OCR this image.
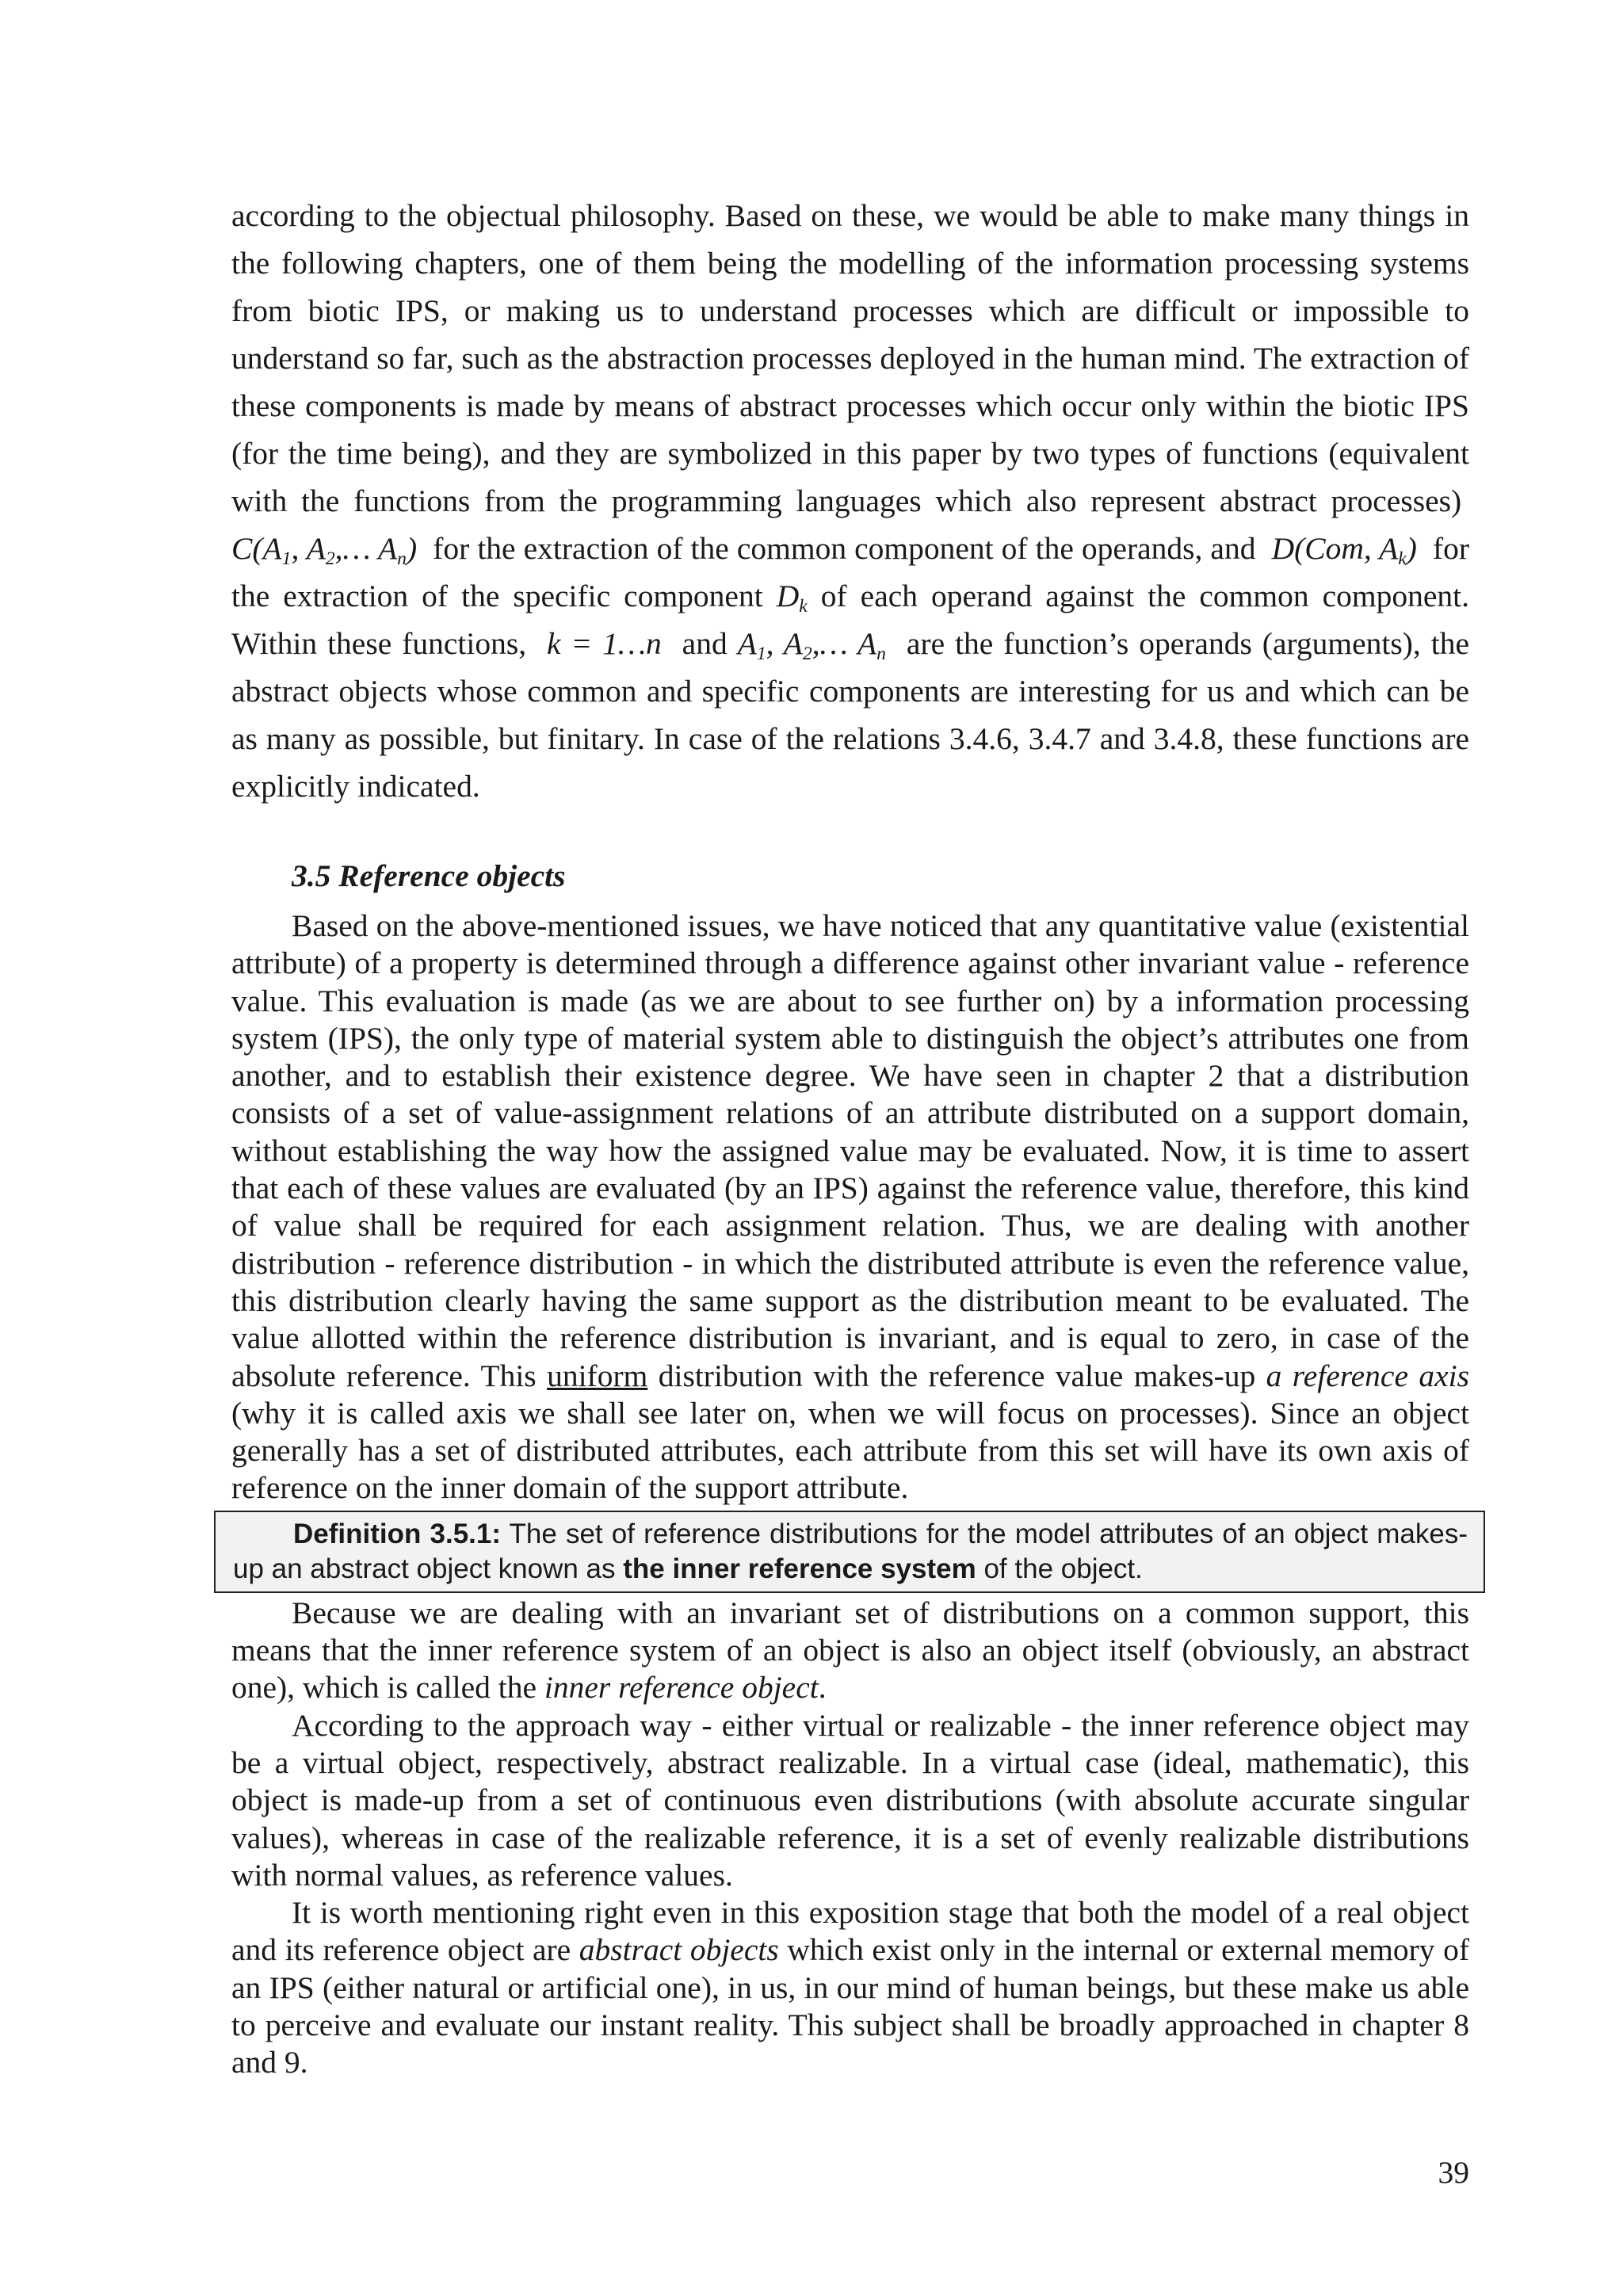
according to the objectual philosophy. Based on these, we would be able to make many things in the following chapters, one of them being the modelling of the information processing systems from biotic IPS, or making us to understand processes which are difficult or impossible to understand so far, such as the abstraction processes deployed in the human mind. The extraction of these components is made by means of abstract processes which occur only within the biotic IPS (for the time being), and they are symbolized in this paper by two types of functions (equivalent with the functions from the programming languages which also represent abstract processes)  $C(A_1$, $A_2,\dots$ $A_n$) for the extraction of the common component of the operands, and D(Com, $A_k$) for the extraction of the specific component $D_k$ of each operand against the common component. Within these functions, k = 1…n and $A_1$, $A_2,\dots$ $A_n$ are the function’s operands (arguments), the abstract objects whose common and specific components are interesting for us and which can be as many as possible, but finitary. In case of the relations 3.4.6, 3.4.7 and 3.4.8, these functions are explicitly indicated.

3.5 Reference objects

Based on the above-mentioned issues, we have noticed that any quantitative value (existential attribute) of a property is determined through a difference against other invariant value - reference value. This evaluation is made (as we are about to see further on) by a information processing system (IPS), the only type of material system able to distinguish the object’s attributes one from another, and to establish their existence degree. We have seen in chapter 2 that a distribution consists of a set of value-assignment relations of an attribute distributed on a support domain, without establishing the way how the assigned value may be evaluated. Now, it is time to assert that each of these values are evaluated (by an IPS) against the reference value, therefore, this kind of value shall be required for each assignment relation. Thus, we are dealing with another distribution - reference distribution - in which the distributed attribute is even the reference value, this distribution clearly having the same support as the distribution meant to be evaluated. The value allotted within the reference distribution is invariant, and is equal to zero, in case of the absolute reference. This uniform distribution with the reference value makes-up a reference axis (why it is called axis we shall see later on, when we will focus on processes). Since an object generally has a set of distributed attributes, each attribute from this set will have its own axis of reference on the inner domain of the support attribute.

Definition 3.5.1: The set of reference distributions for the model attributes of an object makes-up an abstract object known as the inner reference system of the object.

Because we are dealing with an invariant set of distributions on a common support, this means that the inner reference system of an object is also an object itself (obviously, an abstract one), which is called the inner reference object.

According to the approach way - either virtual or realizable - the inner reference object may be a virtual object, respectively, abstract realizable. In a virtual case (ideal, mathematic), this object is made-up from a set of continuous even distributions (with absolute accurate singular values), whereas in case of the realizable reference, it is a set of evenly realizable distributions with normal values, as reference values.

It is worth mentioning right even in this exposition stage that both the model of a real object and its reference object are abstract objects which exist only in the internal or external memory of an IPS (either natural or artificial one), in us, in our mind of human beings, but these make us able to perceive and evaluate our instant reality. This subject shall be broadly approached in chapter 8 and 9.

39
